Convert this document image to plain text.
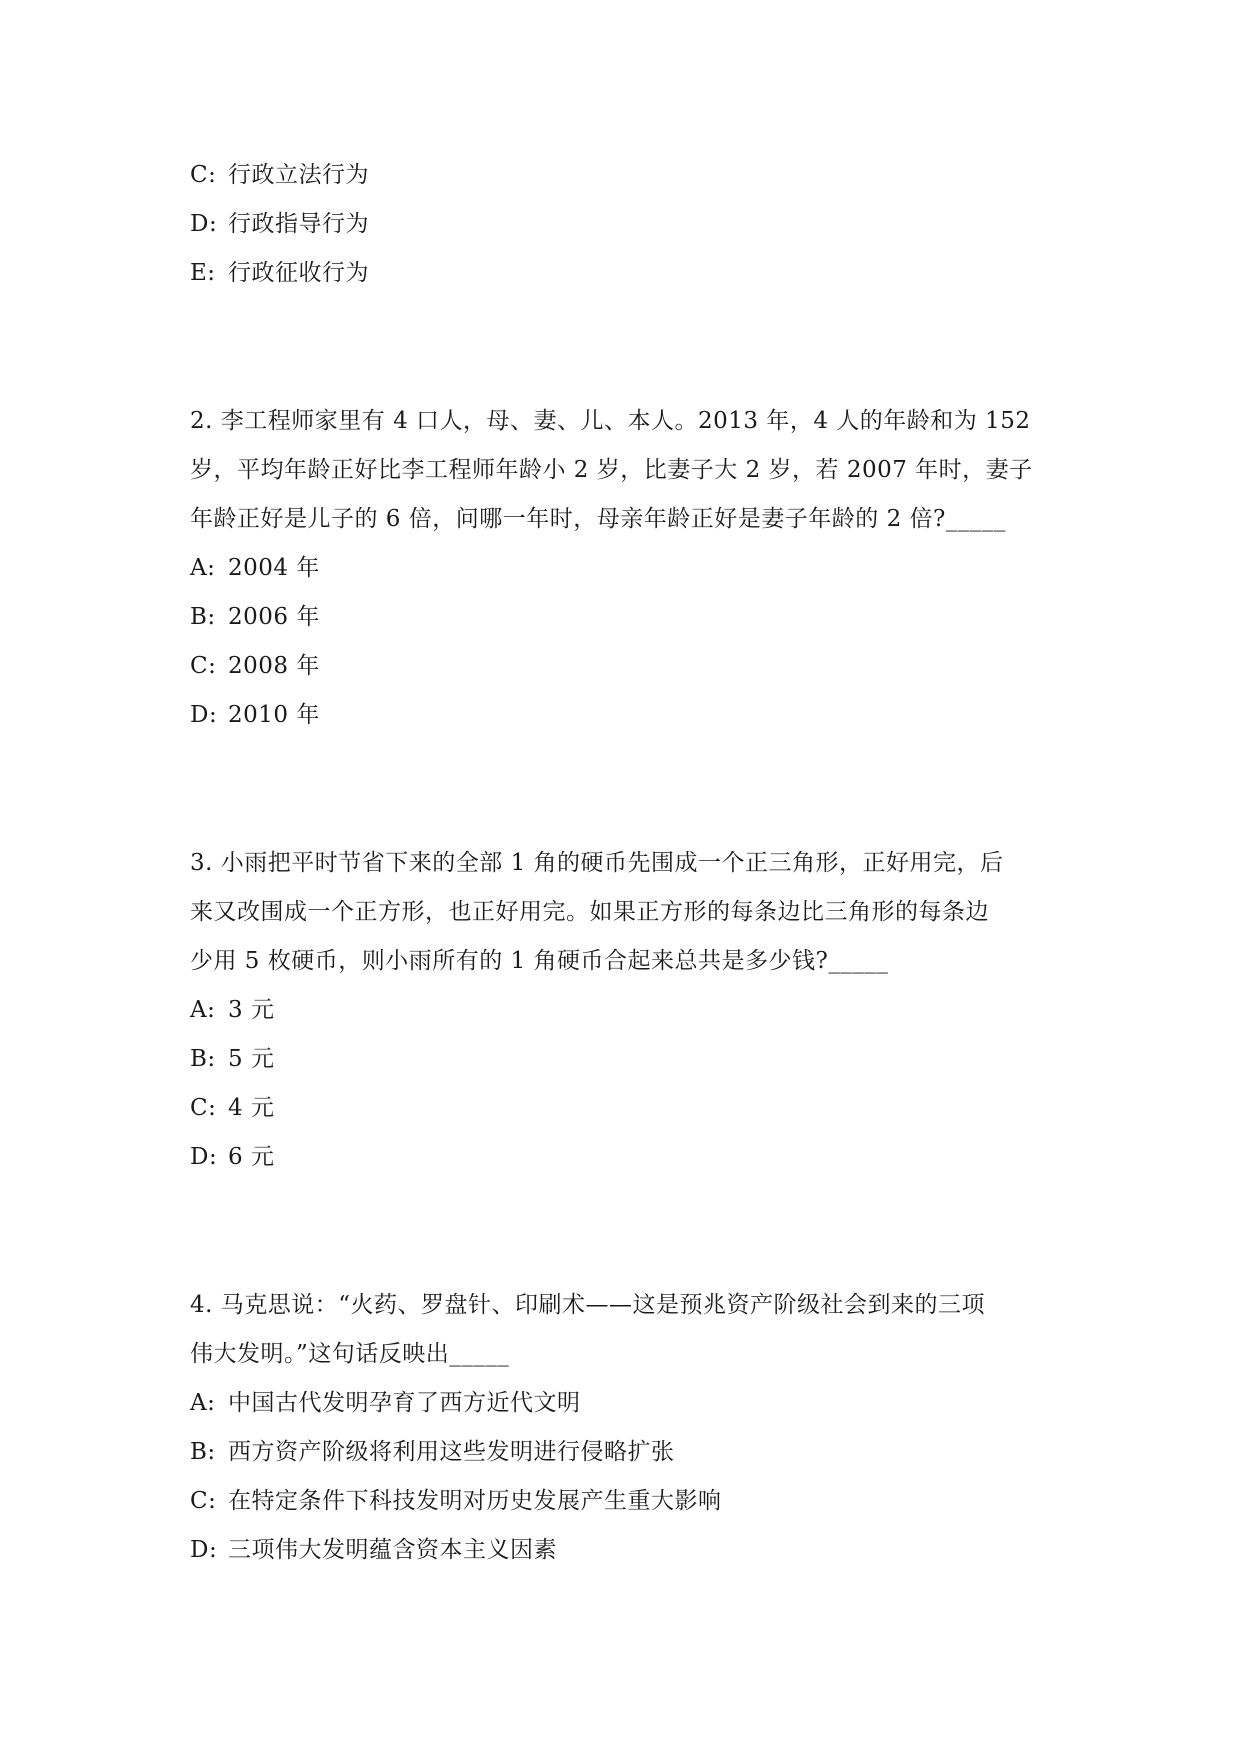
C: 行政立法行为
D: 行政指导行为
E: 行政征收行为
2. 李工程师家里有 4 口人，母、妻、儿、本人。2013 年，4 人的年龄和为 152
岁，平均年龄正好比李工程师年龄小 2 岁，比妻子大 2 岁，若 2007 年时，妻子
年龄正好是儿子的 6 倍，问哪一年时，母亲年龄正好是妻子年龄的 2 倍?_____
A: 2004 年
B: 2006 年
C: 2008 年
D: 2010 年
3. 小雨把平时节省下来的全部 1 角的硬币先围成一个正三角形，正好用完，后
来又改围成一个正方形，也正好用完。如果正方形的每条边比三角形的每条边
少用 5 枚硬币，则小雨所有的 1 角硬币合起来总共是多少钱?_____
A: 3 元
B: 5 元
C: 4 元
D: 6 元
4. 马克思说：“火药、罗盘针、印刷术——这是预兆资产阶级社会到来的三项
伟大发明。”这句话反映出_____
A: 中国古代发明孕育了西方近代文明
B: 西方资产阶级将利用这些发明进行侵略扩张
C: 在特定条件下科技发明对历史发展产生重大影响
D: 三项伟大发明蕴含资本主义因素
